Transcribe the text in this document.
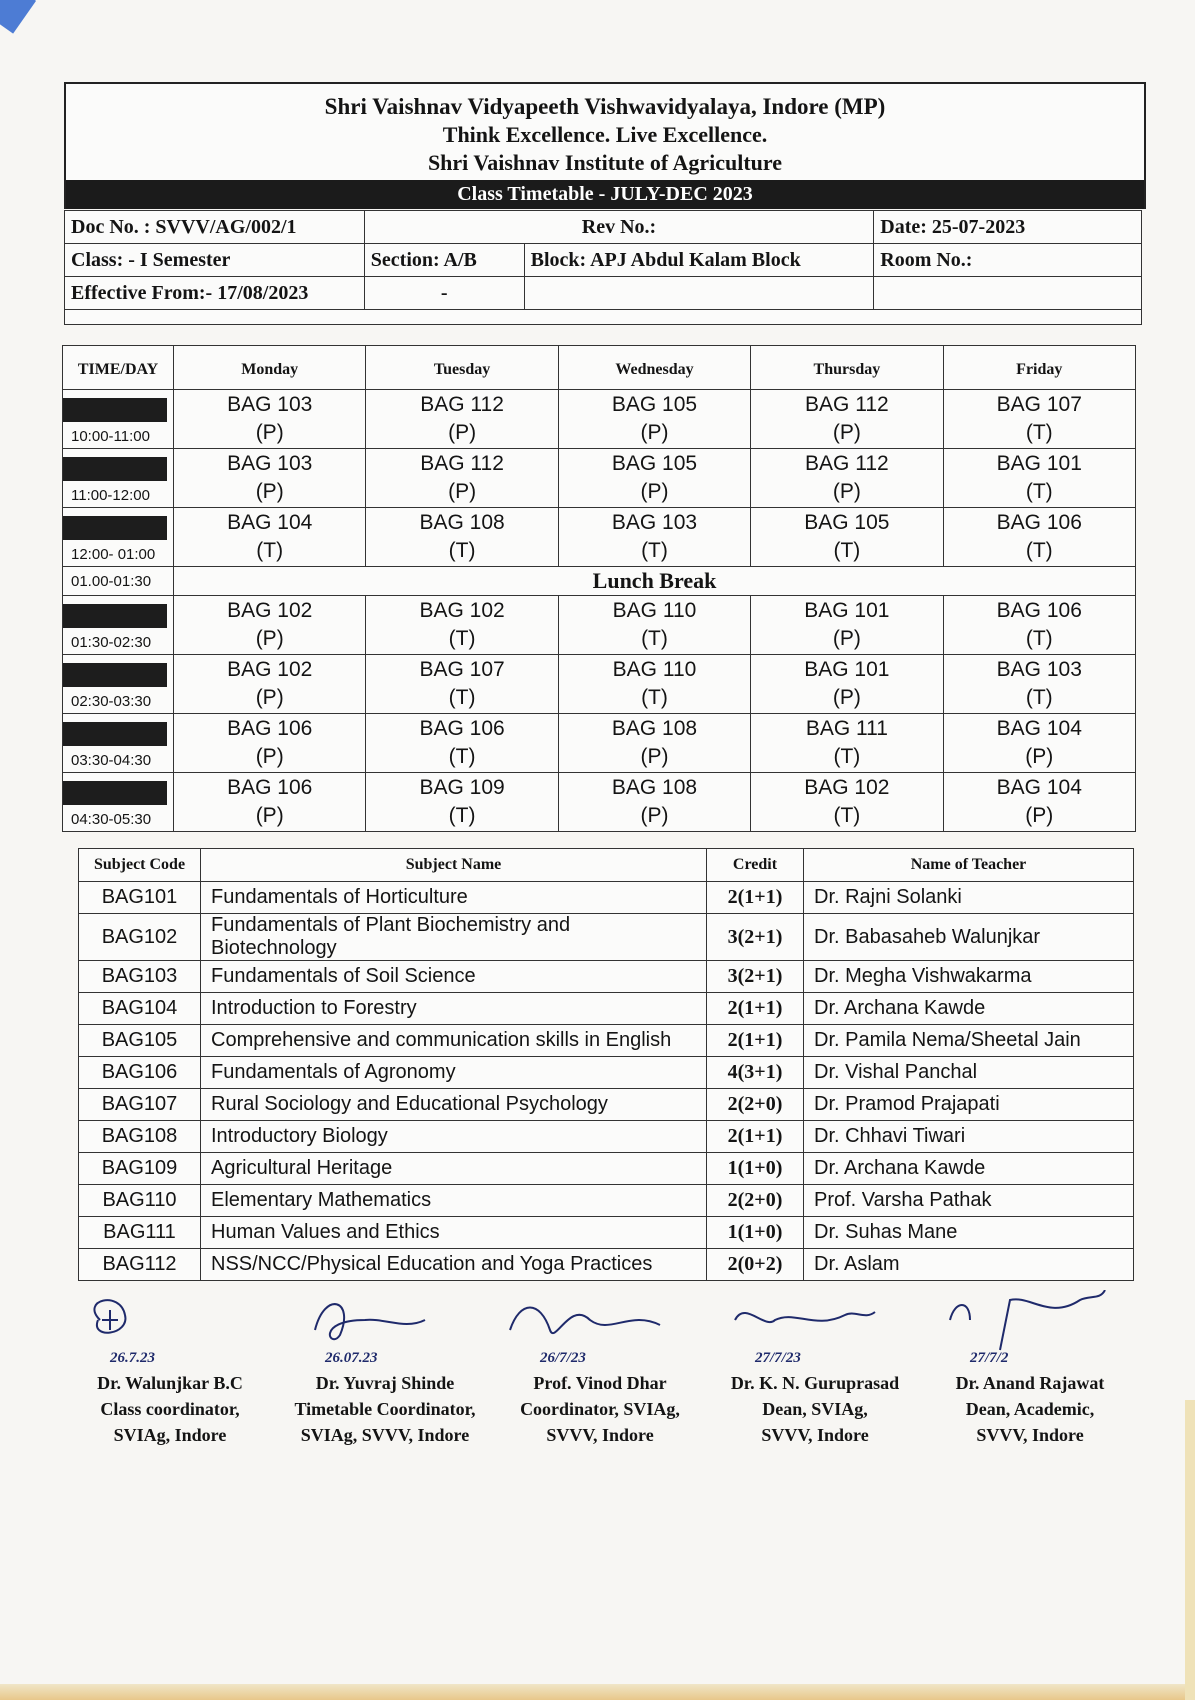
Shri Vaishnav Vidyapeeth Vishwavidyalaya, Indore (MP)
Think Excellence. Live Excellence.
Shri Vaishnav Institute of Agriculture
Class Timetable - JULY-DEC 2023
Doc No. : SVVV/AG/002/1	Rev No.:		Date: 25-07-2023
Class: - I Semester	Section: A/B	Block: APJ Abdul Kalam Block	Room No.:
Effective From:- 17/08/2023	-		

TIME/DAY	Monday	Tuesday	Wednesday	Thursday	Friday

10:00-11:00	BAG 103
(P)	BAG 112
(P)	BAG 105
(P)	BAG 112
(P)	BAG 107
(T)

11:00-12:00	BAG 103
(P)	BAG 112
(P)	BAG 105
(P)	BAG 112
(P)	BAG 101
(T)

12:00- 01:00	BAG 104
(T)	BAG 108
(T)	BAG 103
(T)	BAG 105
(T)	BAG 106
(T)

01.00-01:30	Lunch Break				

01:30-02:30	BAG 102
(P)	BAG 102
(T)	BAG 110
(T)	BAG 101
(P)	BAG 106
(T)

02:30-03:30	BAG 102
(P)	BAG 107
(T)	BAG 110
(T)	BAG 101
(P)	BAG 103
(T)

03:30-04:30	BAG 106
(P)	BAG 106
(T)	BAG 108
(P)	BAG 111
(T)	BAG 104
(P)

04:30-05:30	BAG 106
(P)	BAG 109
(T)	BAG 108
(P)	BAG 102
(T)	BAG 104
(P)
Subject Code	Subject Name	Credit	Name of Teacher
BAG101	Fundamentals of Horticulture	2(1+1)	Dr. Rajni Solanki
BAG102	Fundamentals of Plant Biochemistry and Biotechnology	3(2+1)	Dr. Babasaheb Walunjkar
BAG103	Fundamentals of Soil Science	3(2+1)	Dr. Megha Vishwakarma
BAG104	Introduction to Forestry	2(1+1)	Dr. Archana Kawde
BAG105	Comprehensive and communication skills in English	2(1+1)	Dr. Pamila Nema/Sheetal Jain
BAG106	Fundamentals of Agronomy	4(3+1)	Dr. Vishal Panchal
BAG107	Rural Sociology and Educational Psychology	2(2+0)	Dr. Pramod Prajapati
BAG108	Introductory Biology	2(1+1)	Dr. Chhavi Tiwari
BAG109	Agricultural Heritage	1(1+0)	Dr. Archana Kawde
BAG110	Elementary Mathematics	2(2+0)	Prof. Varsha Pathak
BAG111	Human Values and Ethics	1(1+0)	Dr. Suhas Mane
BAG112	NSS/NCC/Physical Education and Yoga Practices	2(0+2)	Dr. Aslam
26.7.23
Dr. Walunjkar B.C
Class coordinator,
SVIAg, Indore
26.07.23
Dr. Yuvraj Shinde
Timetable Coordinator,
SVIAg, SVVV, Indore
26/7/23
Prof. Vinod Dhar
Coordinator, SVIAg,
SVVV, Indore
27/7/23
Dr. K. N. Guruprasad
Dean, SVIAg,
SVVV, Indore
27/7/2
Dr. Anand Rajawat
Dean, Academic,
SVVV, Indore
